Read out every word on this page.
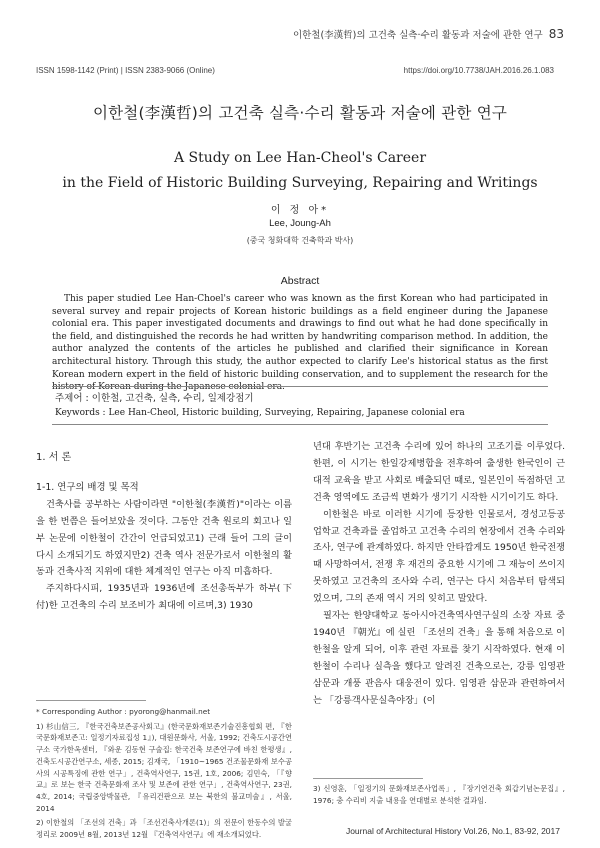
이한철(李漢哲)의 고건축 실측·수리 활동과 저술에 관한 연구 83
ISSN 1598-1142 (Print) | ISSN 2383-9066 (Online)	https://doi.org/10.7738/JAH.2016.26.1.083
이한철(李漢哲)의 고건축 실측·수리 활동과 저술에 관한 연구
A Study on Lee Han-Cheol's Career
in the Field of Historic Building Surveying, Repairing and Writings
이 정 아*
Lee, Joung-Ah
(중국 청화대학 건축학과 박사)
Abstract

This paper studied Lee Han-Choel's career who was known as the first Korean who had participated in several survey and repair projects of Korean historic buildings as a field engineer during the Japanese colonial era. This paper investigated documents and drawings to find out what he had done specifically in the field, and distinguished the records he had written by handwriting comparison method. In addition, the author analyzed the contents of the articles he published and clarified their significance in Korean architectural history. Through this study, the author expected to clarify Lee's historical status as the first Korean modern expert in the field of historic building conservation, and to supplement the research for the history of Korean during the Japanese colonial era.

주제어 : 이한철, 고건축, 실측, 수리, 일제강점기
Keywords : Lee Han-Cheol, Historic building, Surveying, Repairing, Japanese colonial era

1. 서 론

1-1. 연구의 배경 및 목적

건축사를 공부하는 사람이라면 "이한철(李漢哲)"이라는 이름을 한 번쯤은 들어보았을 것이다. 그동안 건축 원로의 회고나 일부 논문에 이한철이 간간이 언급되었고1) 근래 들어 그의 글이 다시 소개되기도 하였지만2) 건축 역사 전문가로서 이한철의 활동과 건축사적 지위에 대한 체계적인 연구는 아직 미흡하다.

주지하다시피, 1935년과 1936년에 조선총독부가 하부(下付)한 고건축의 수리 보조비가 최대에 이르며,3) 1930

년대 후반기는 고건축 수리에 있어 하나의 고조기를 이루었다. 한편, 이 시기는 한일강제병합을 전후하여 출생한 한국인이 근대적 교육을 받고 사회로 배출되던 때로, 일본인이 독점하던 고건축 영역에도 조금씩 변화가 생기기 시작한 시기이기도 하다.

이한철은 바로 이러한 시기에 등장한 인물로서, 경성고등공업학교 건축과를 졸업하고 고건축 수리의 현장에서 건축 수리와 조사, 연구에 관계하였다. 하지만 안타깝게도 1950년 한국전쟁 때 사망하여서, 전쟁 후 재건의 중요한 시기에 그 재능이 쓰이지 못하였고 고건축의 조사와 수리, 연구는 다시 처음부터 탐색되었으며, 그의 존재 역시 거의 잊히고 말았다.

필자는 한양대학교 동아시아건축역사연구실의 소장 자료 중 1940년 『朝光』에 실린 「조선의 건축」을 통해 처음으로 이한철을 알게 되어, 이후 관련 자료를 찾기 시작하였다. 현재 이한철이 수리나 실측을 했다고 알려진 건축으로는, 강릉 임영관 삼문과 개풍 관음사 대웅전이 있다. 임영관 삼문과 관련하여서는 「강릉객사문실측야장」(이

* Corresponding Author : pyorong@hanmail.net

1) 杉山信三, 『한국건축보존공사회고』(한국문화재보존기술진흥협회 편, 『한국문화재보존고: 일정기자료집성 1』), 대원문화사, 서울, 1992; 건축도시공간연구소 국가한옥센터, 『와운 김동현 구술집: 한국건축 보존연구에 바친 한평생』, 건축도시공간연구소, 세종, 2015; 김재국, 「1910~1965 건조물문화재 보수공사의 시공특징에 관한 연구」, 건축역사연구, 15권, 1호, 2006; 김민숙, 「『향교』로 보는 한국 건축문화재 조사 및 보존에 관한 연구」, 건축역사연구, 23권, 4호, 2014; 국립중앙박물관, 『유리건판으로 보는 북한의 불교미술』, 서울, 2014

2) 이한철의 「조선의 건축」과 「조선건축사개론(1)」의 전문이 한동수의 발굴 정리로 2009년 8월, 2013년 12월 『건축역사연구』에 재소개되었다.

3) 신영훈, 「일정기의 문화재보존사업록」, 『장기연건축 회갑기념논문집』, 1976; 충 수리비 지출 내용을 연대별로 분석한 결과임.

Journal of Architectural History Vol.26, No.1, 83-92, 2017
